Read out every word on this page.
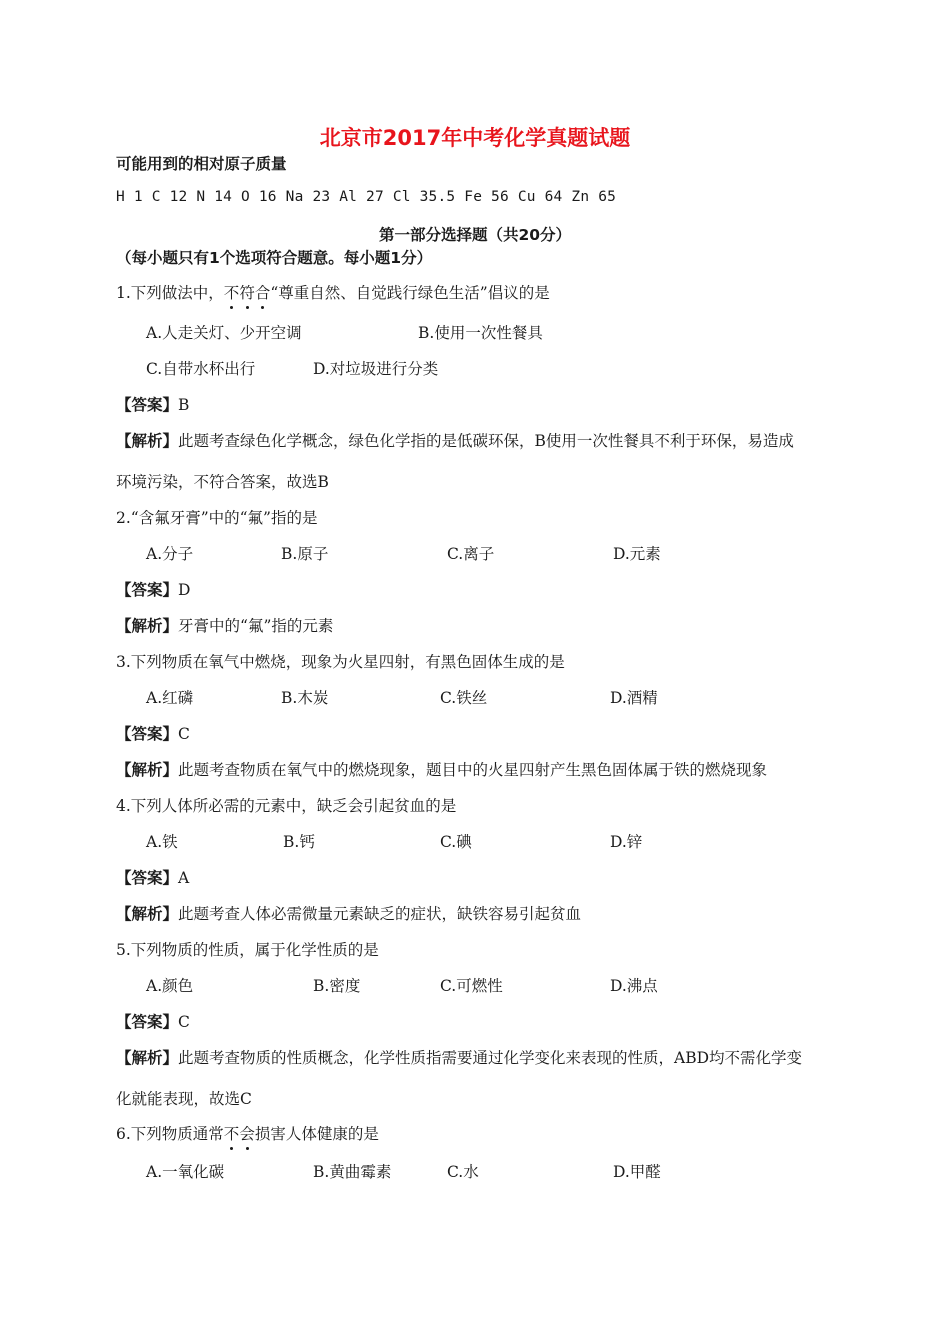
北京市2017年中考化学真题试题
可能用到的相对原子质量
H 1 C 12 N 14 O 16 Na 23 Al 27 Cl 35.5 Fe 56 Cu 64 Zn 65
第一部分选择题（共20分）
（每小题只有1个选项符合题意。每小题1分）
1.下列做法中，不符合“尊重自然、自觉践行绿色生活”倡议的是
A.人走关灯、少开空调	B.使用一次性餐具
C.自带水杯出行	D.对垃圾进行分类
【答案】B
【解析】此题考查绿色化学概念，绿色化学指的是低碳环保，B使用一次性餐具不利于环保，易造成
环境污染，不符合答案，故选B
2.“含氟牙膏”中的“氟”指的是
A.分子	B.原子	C.离子	D.元素
【答案】D
【解析】牙膏中的“氟”指的元素
3.下列物质在氧气中燃烧，现象为火星四射，有黑色固体生成的是
A.红磷	B.木炭	C.铁丝	D.酒精
【答案】C
【解析】此题考查物质在氧气中的燃烧现象，题目中的火星四射产生黑色固体属于铁的燃烧现象
4.下列人体所必需的元素中，缺乏会引起贫血的是
A.铁	B.钙	C.碘	D.锌
【答案】A
【解析】此题考查人体必需微量元素缺乏的症状，缺铁容易引起贫血
5.下列物质的性质，属于化学性质的是
A.颜色	B.密度	C.可燃性	D.沸点
【答案】C
【解析】此题考查物质的性质概念，化学性质指需要通过化学变化来表现的性质，ABD均不需化学变
化就能表现，故选C
6.下列物质通常不会损害人体健康的是
A.一氧化碳	B.黄曲霉素	C.水	D.甲醛
